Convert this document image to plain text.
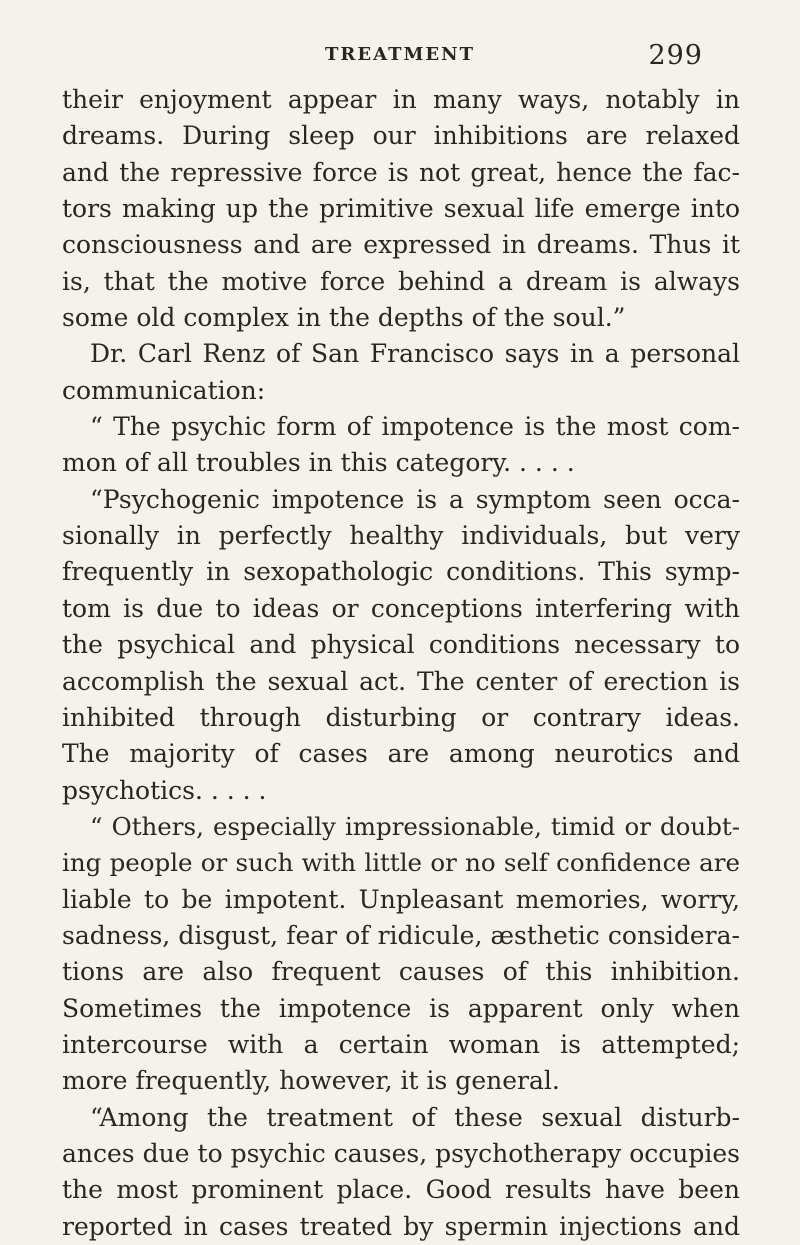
TREATMENT	299
their enjoyment appear in many ways, notably in
dreams. During sleep our inhibitions are relaxed
and the repressive force is not great, hence the fac-
tors making up the primitive sexual life emerge into
consciousness and are expressed in dreams. Thus it
is, that the motive force behind a dream is always
some old complex in the depths of the soul.”
Dr. Carl Renz of San Francisco says in a personal
communication:
“ The psychic form of impotence is the most com-
mon of all troubles in this category. . . . .
“Psychogenic impotence is a symptom seen occa-
sionally in perfectly healthy individuals, but very
frequently in sexopathologic conditions. This symp-
tom is due to ideas or conceptions interfering with
the psychical and physical conditions necessary to
accomplish the sexual act. The center of erection is
inhibited through disturbing or contrary ideas.
The majority of cases are among neurotics and
psychotics. . . . .
“ Others, especially impressionable, timid or doubt-
ing people or such with little or no self confidence are
liable to be impotent. Unpleasant memories, worry,
sadness, disgust, fear of ridicule, æsthetic considera-
tions are also frequent causes of this inhibition.
Sometimes the impotence is apparent only when
intercourse with a certain woman is attempted;
more frequently, however, it is general.
“Among the treatment of these sexual disturb-
ances due to psychic causes, psychotherapy occupies
the most prominent place. Good results have been
reported in cases treated by spermin injections and
